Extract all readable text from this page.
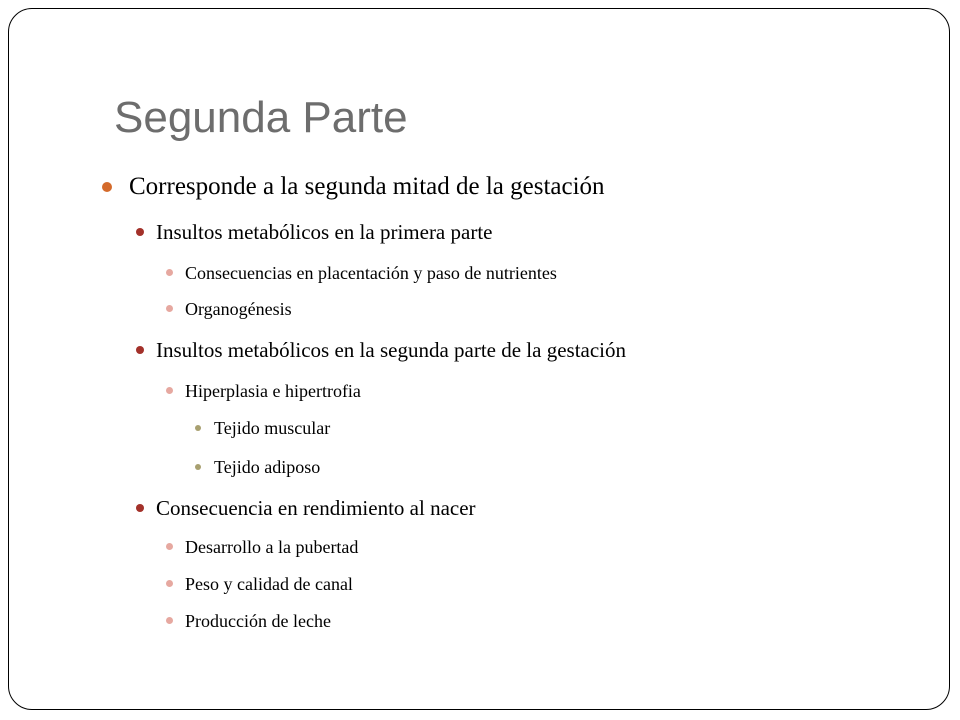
Segunda Parte
Corresponde a la segunda mitad de la gestación
Insultos metabólicos en la primera parte
Consecuencias en placentación y paso de nutrientes
Organogénesis
Insultos metabólicos en la segunda parte de la gestación
Hiperplasia e hipertrofia
Tejido muscular
Tejido adiposo
Consecuencia en rendimiento al nacer
Desarrollo a la pubertad
Peso y calidad de canal
Producción de leche
